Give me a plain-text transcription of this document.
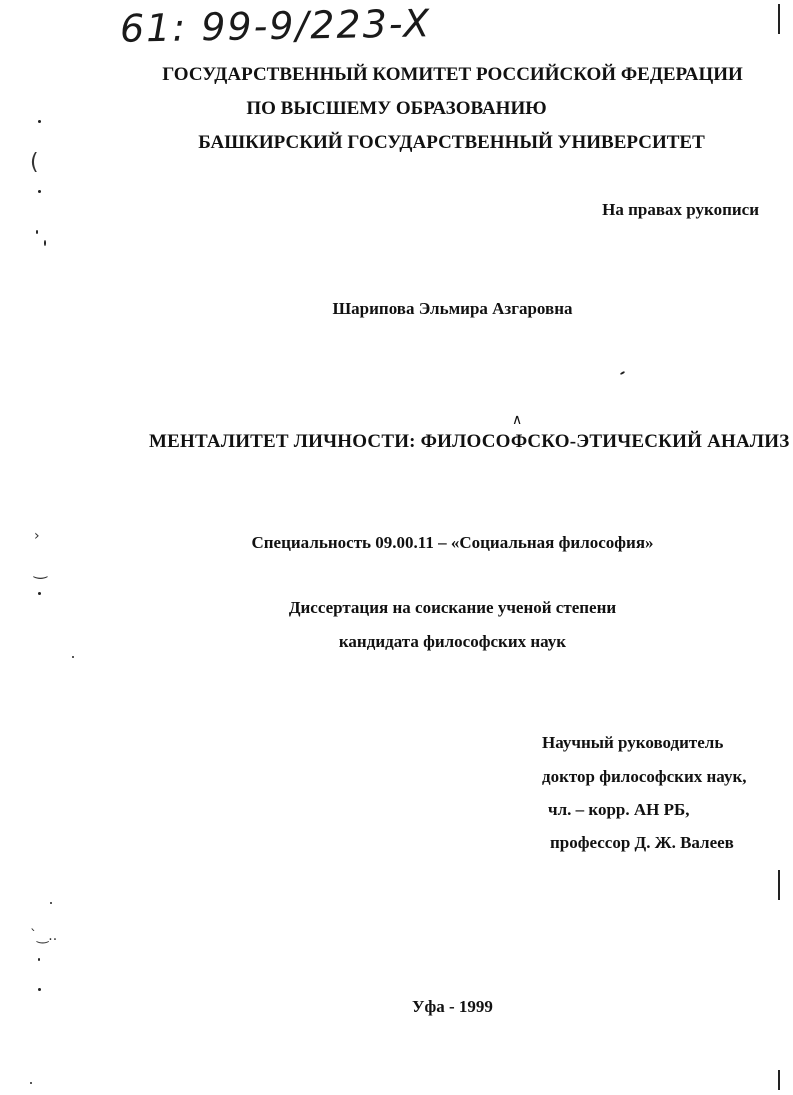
61: 99-9/223-X
ГОСУДАРСТВЕННЫЙ КОМИТЕТ РОССИЙСКОЙ ФЕДЕРАЦИИ
ПО ВЫСШЕМУ ОБРАЗОВАНИЮ
БАШКИРСКИЙ ГОСУДАРСТВЕННЫЙ УНИВЕРСИТЕТ
На правах рукописи
Шарипова Эльмира Азгаровна
∧
МЕНТАЛИТЕТ ЛИЧНОСТИ: ФИЛОСОФСКО-ЭТИЧЕСКИЙ АНАЛИЗ
Специальность 09.00.11 – «Социальная философия»
Диссертация на соискание ученой степени
кандидата философских наук
Научный руководитель
доктор философских наук,
чл. – корр. АН РБ,
профессор Д. Ж. Валеев
Уфа - 1999
(
›
‿
`‿..
